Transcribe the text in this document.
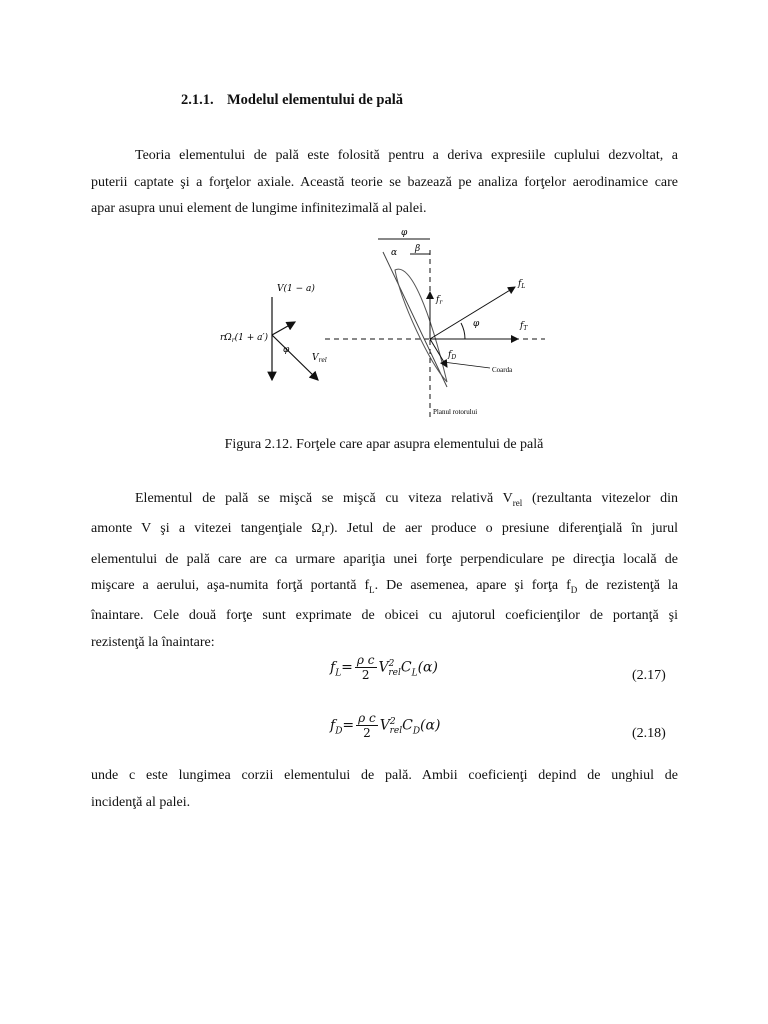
2.1.1. Modelul elementului de pală

Teoria elementului de pală este folosită pentru a deriva expresiile cuplului dezvoltat, a
puterii captate şi a forţelor axiale. Această teorie se bazează pe analiza forţelor aerodinamice care
apar asupra unui element de lungime infinitezimală al palei.

V(1 − a)
$r\Omega_r(1 + a')$
φ
$V_{rel}$
φ
α β
$f_L$
$f_r$
φ	$f_T$
$f_D$
Coarda
Planul rotorului
Figura 2.12. Forţele care apar asupra elementului de pală

Elementul de pală se mişcă se mişcă cu viteza relativă $V_{rel}$ (rezultanta vitezelor din
amonte V şi a vitezei tangenţiale $\Omega_rr$). Jetul de aer produce o presiune diferenţială în jurul
elementului de pală care are ca urmare apariţia unei forţe perpendiculare pe direcţia locală de
mişcare a aerului, aşa-numita forţă portantă $f_L$. De asemenea, apare şi forţa $f_D$ de rezistenţă la
înaintare. Cele două forţe sunt exprimate de obicei cu ajutorul coeficienţilor de portanţă şi
rezistenţă la înaintare:

$f_L= \frac{\text{ρ c}}{2} V^2_{rel}C_L(\alpha)$	(2.17)
$f_D= \frac{\text{ρ c}}{2} V^2_{rel}C_D(\alpha)$	(2.18)

unde c este lungimea corzii elementului de pală. Ambii coeficienţi depind de unghiul de
incidenţă al palei.
